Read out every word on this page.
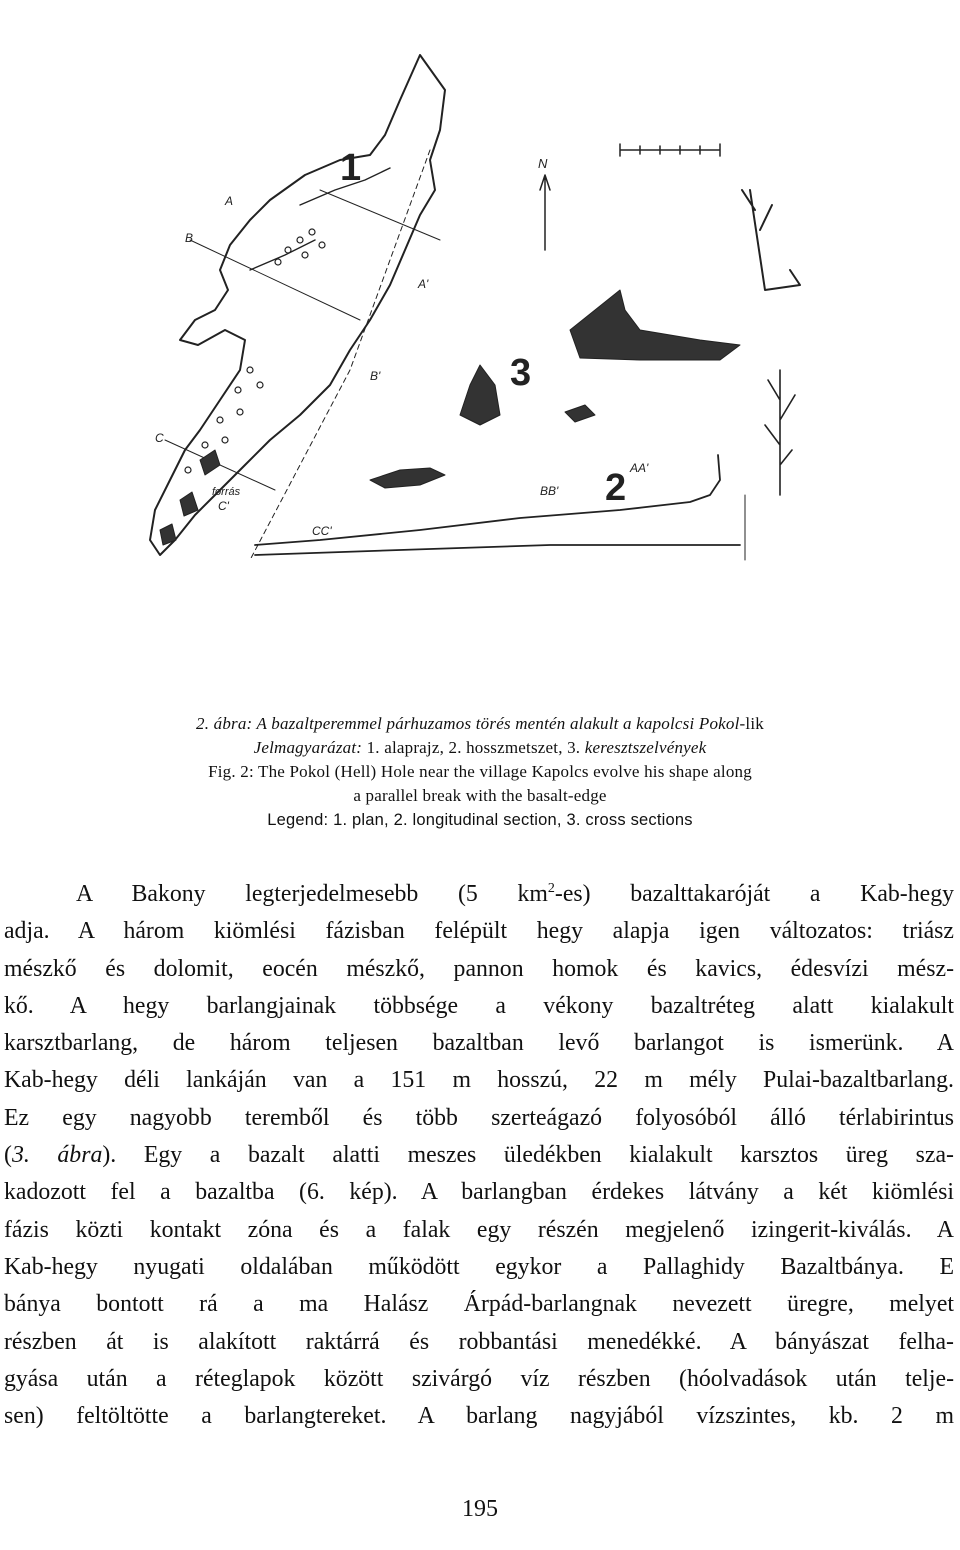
1
2
3
N
forrás
A
A'
B
B'
C
C'
AA'
BB'
CC'
2. ábra: A bazaltperemmel párhuzamos törés mentén alakult a kapolcsi Pokol-lik
Jelmagyarázat: 1. alaprajz, 2. hosszmetszet, 3. keresztszelvények
Fig. 2: The Pokol (Hell) Hole near the village Kapolcs evolve his shape along
a parallel break with the basalt-edge
Legend: 1. plan, 2. longitudinal section, 3. cross sections
A Bakony legterjedelmesebb (5 $km^2-es$) bazalttakaróját a Kab-hegy
adja. A három kiömlési fázisban felépült hegy alapja igen változatos: triász
mészkő és dolomit, eocén mészkő, pannon homok és kavics, édesvízi mész-
kő. A hegy barlangjainak többsége a vékony bazaltréteg alatt kialakult
karsztbarlang, de három teljesen bazaltban levő barlangot is ismerünk. A
Kab-hegy déli lankáján van a 151 m hosszú, 22 m mély Pulai-bazaltbarlang.
Ez egy nagyobb teremből és több szerteágazó folyosóból álló térlabirintus
(3. ábra). Egy a bazalt alatti meszes üledékben kialakult karsztos üreg sza-
kadozott fel a bazaltba (6. kép). A barlangban érdekes látvány a két kiömlési
fázis közti kontakt zóna és a falak egy részén megjelenő izingerit-kiválás. A
Kab-hegy nyugati oldalában működött egykor a Pallaghidy Bazaltbánya. E
bánya bontott rá a ma Halász Árpád-barlangnak nevezett üregre, melyet
részben át is alakított raktárrá és robbantási menedékké. A bányászat felha-
gyása után a réteglapok között szivárgó víz részben (hóolvadások után telje-
sen) feltöltötte a barlangtereket. A barlang nagyjából vízszintes, kb. 2 m
195
